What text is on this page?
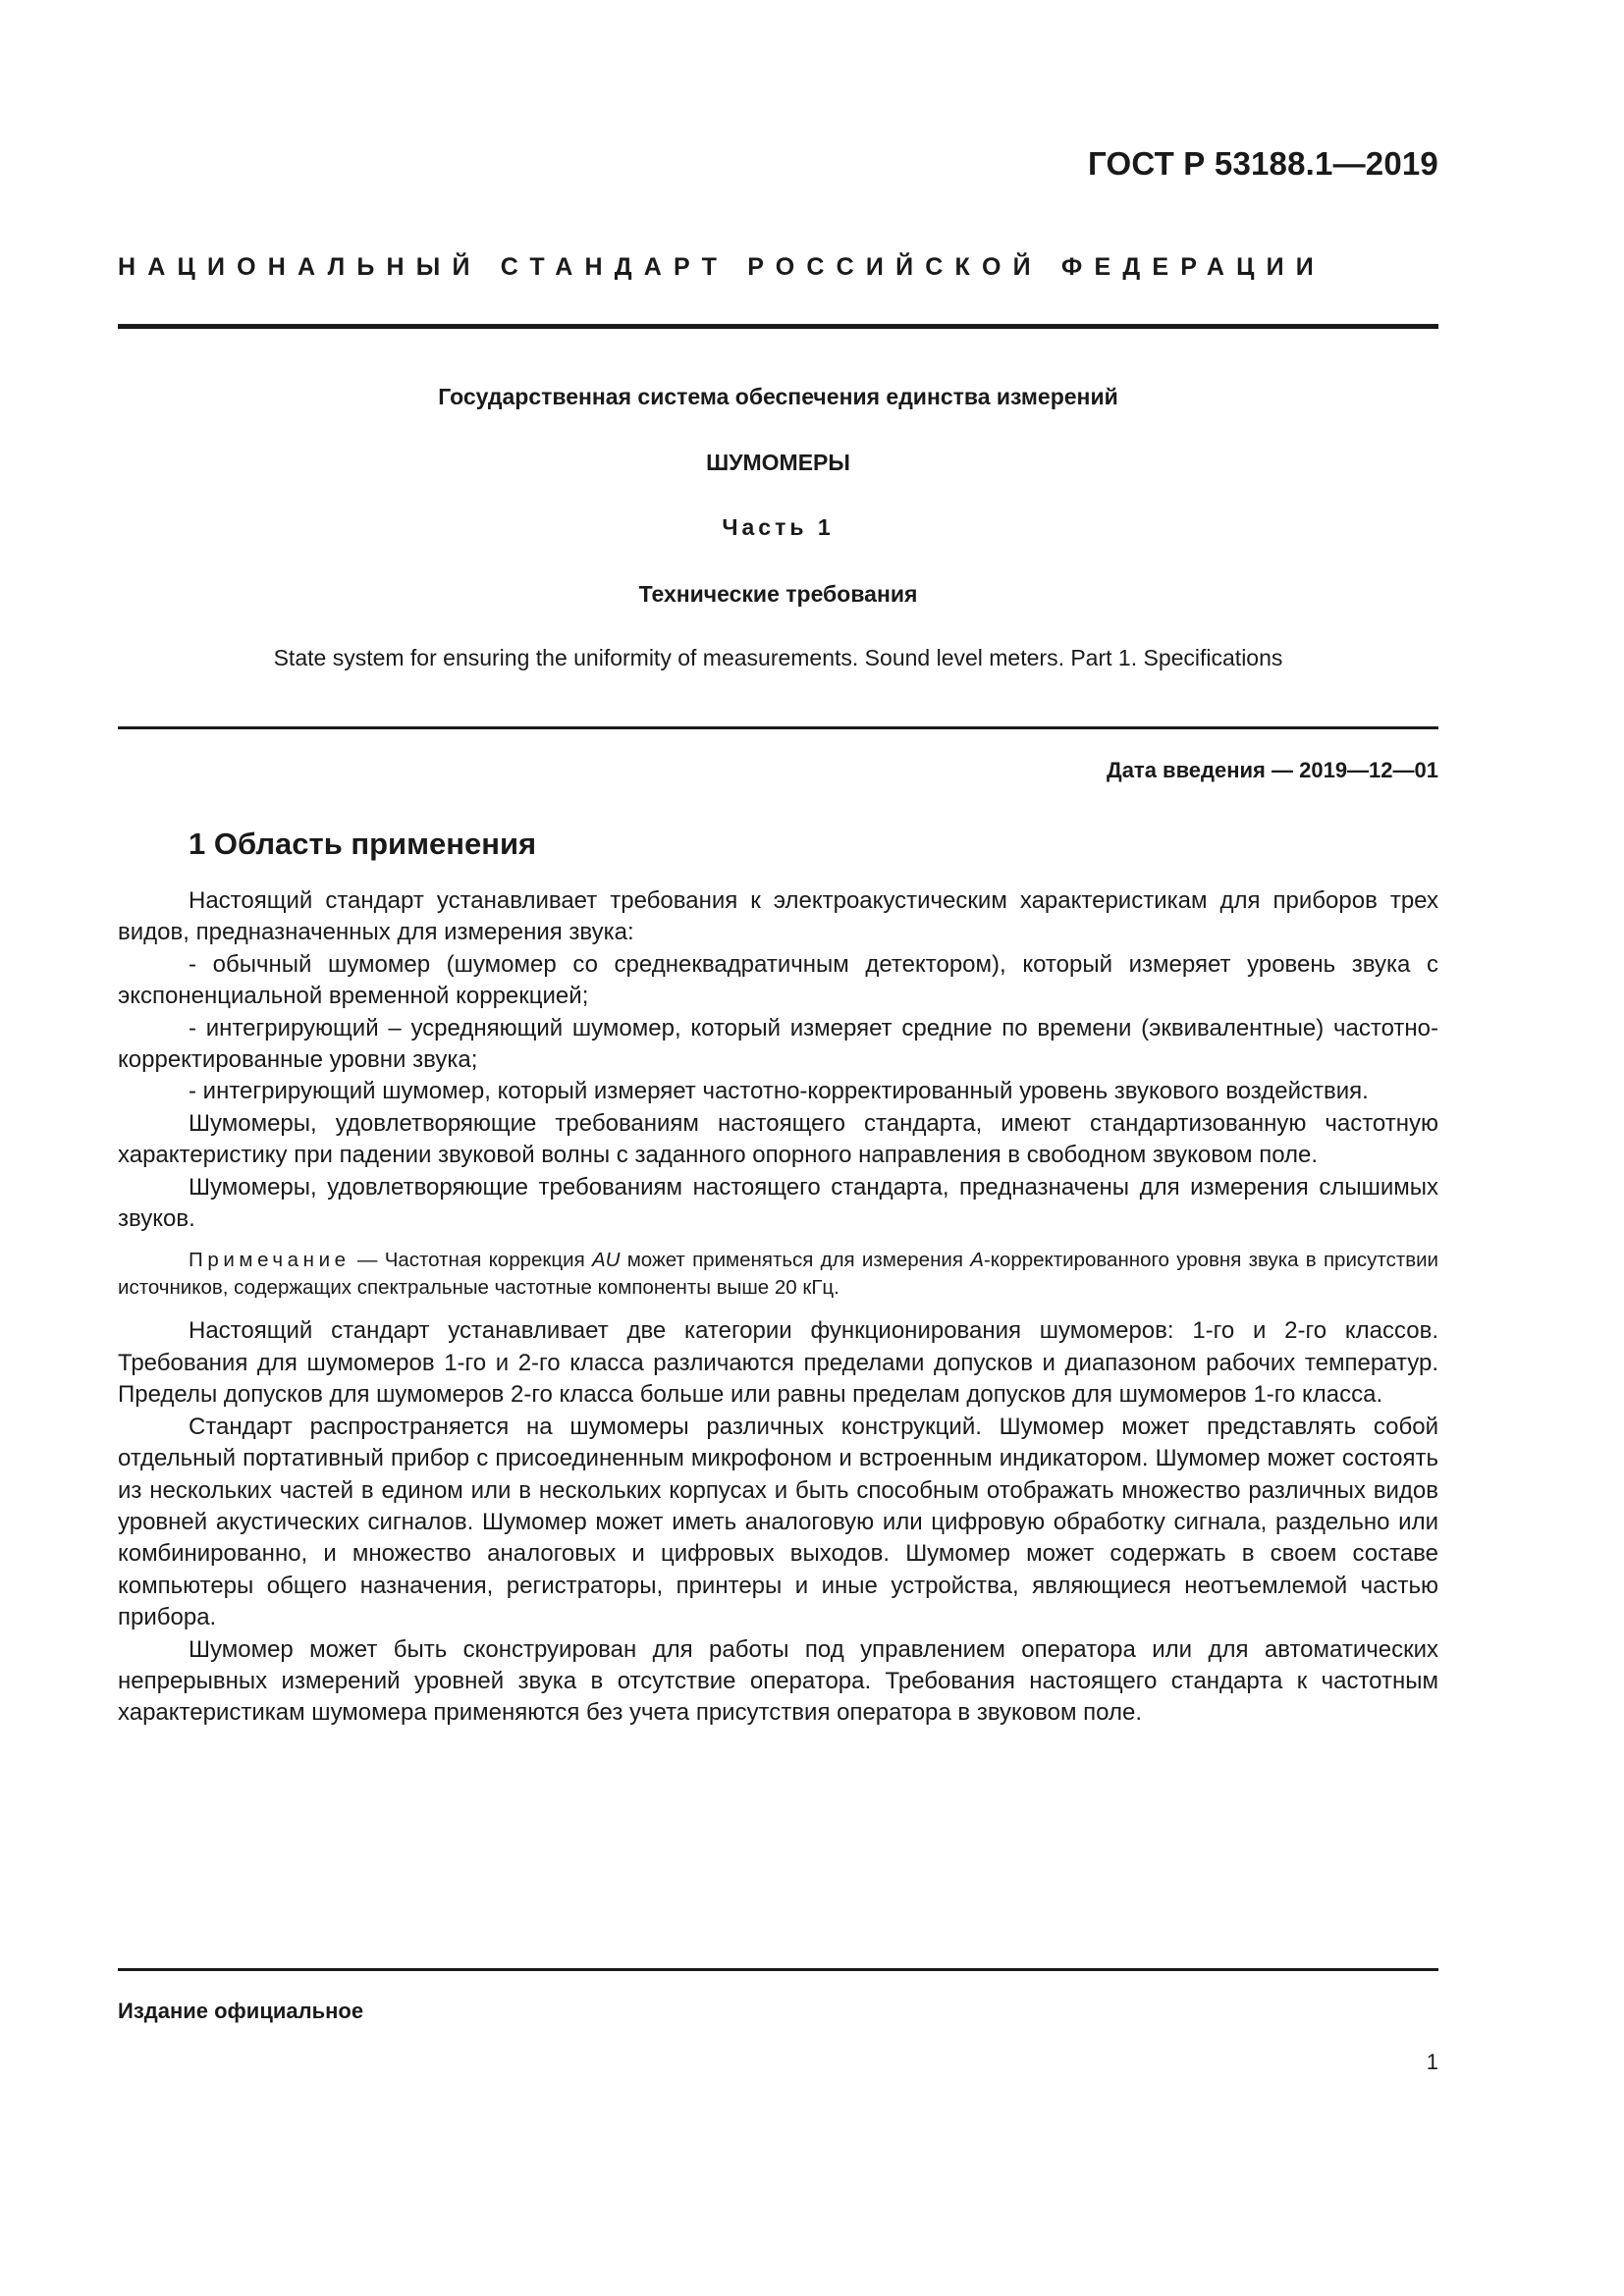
ГОСТ Р 53188.1—2019
НАЦИОНАЛЬНЫЙ СТАНДАРТ РОССИЙСКОЙ ФЕДЕРАЦИИ
Государственная система обеспечения единства измерений
ШУМОМЕРЫ
Часть 1
Технические требования
State system for ensuring the uniformity of measurements. Sound level meters. Part 1. Specifications
Дата введения — 2019—12—01
1 Область применения

Настоящий стандарт устанавливает требования к электроакустическим характеристикам для приборов трех видов, предназначенных для измерения звука:

- обычный шумомер (шумомер со среднеквадратичным детектором), который измеряет уровень звука с экспоненциальной временной коррекцией;

- интегрирующий – усредняющий шумомер, который измеряет средние по времени (эквивалентные) частотно-корректированные уровни звука;

- интегрирующий шумомер, который измеряет частотно-корректированный уровень звукового воздействия.

Шумомеры, удовлетворяющие требованиям настоящего стандарта, имеют стандартизованную частотную характеристику при падении звуковой волны с заданного опорного направления в свободном звуковом поле.

Шумомеры, удовлетворяющие требованиям настоящего стандарта, предназначены для измерения слышимых звуков.

Примечание — Частотная коррекция AU может применяться для измерения A-корректированного уровня звука в присутствии источников, содержащих спектральные частотные компоненты выше 20 кГц.

Настоящий стандарт устанавливает две категории функционирования шумомеров: 1-го и 2-го классов. Требования для шумомеров 1-го и 2-го класса различаются пределами допусков и диапазоном рабочих температур. Пределы допусков для шумомеров 2-го класса больше или равны пределам допусков для шумомеров 1-го класса.

Стандарт распространяется на шумомеры различных конструкций. Шумомер может представлять собой отдельный портативный прибор с присоединенным микрофоном и встроенным индикатором. Шумомер может состоять из нескольких частей в едином или в нескольких корпусах и быть способным отображать множество различных видов уровней акустических сигналов. Шумомер может иметь аналоговую или цифровую обработку сигнала, раздельно или комбинированно, и множество аналоговых и цифровых выходов. Шумомер может содержать в своем составе компьютеры общего назначения, регистраторы, принтеры и иные устройства, являющиеся неотъемлемой частью прибора.

Шумомер может быть сконструирован для работы под управлением оператора или для автоматических непрерывных измерений уровней звука в отсутствие оператора. Требования настоящего стандарта к частотным характеристикам шумомера применяются без учета присутствия оператора в звуковом поле.

Издание официальное
1
